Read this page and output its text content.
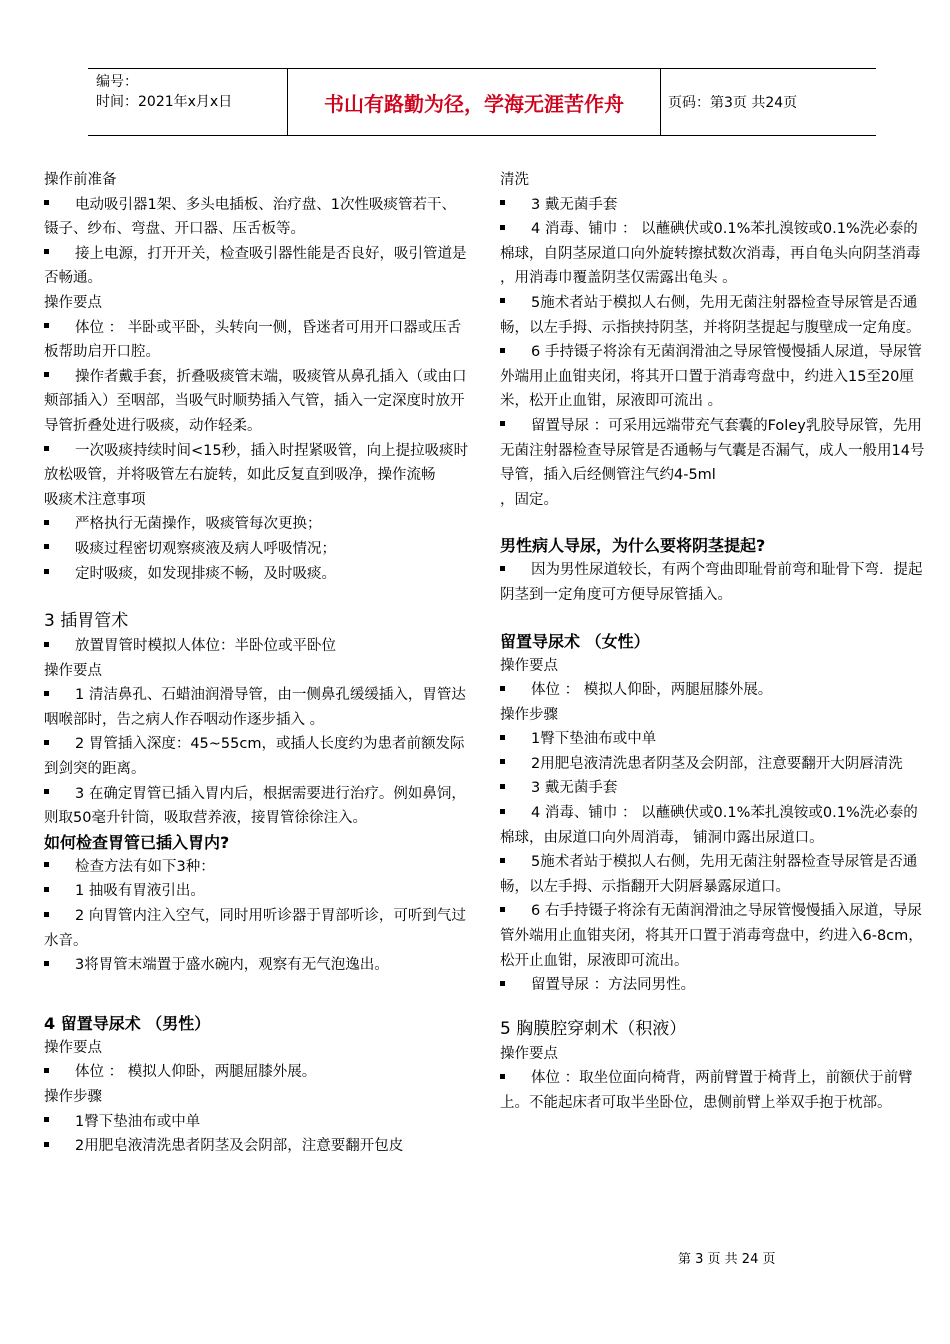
编号：
时间：2021年x月x日	书山有路勤为径，学海无涯苦作舟	页码：第3页 共24页

操作前准备

电动吸引器1架、多头电插板、治疗盘、1次性吸痰管若干、镊子、纱布、弯盘、开口器、压舌板等。

接上电源，打开开关，检查吸引器性能是否良好，吸引管道是否畅通。

操作要点

体位 ： 半卧或平卧，头转向一侧，昏迷者可用开口器或压舌板帮助启开口腔。

操作者戴手套，折叠吸痰管末端，吸痰管从鼻孔插入（或由口颊部插入）至咽部，当吸气时顺势插入气管，插入一定深度时放开导管折叠处进行吸痰，动作轻柔。

一次吸痰持续时间<15秒，插入时捏紧吸管，向上提拉吸痰时放松吸管，并将吸管左右旋转，如此反复直到吸净，操作流畅

吸痰术注意事项

严格执行无菌操作，吸痰管每次更换；

吸痰过程密切观察痰液及病人呼吸情况；

定时吸痰，如发现排痰不畅，及时吸痰。

3 插胃管术

放置胃管时模拟人体位：半卧位或平卧位

操作要点

1 清洁鼻孔、石蜡油润滑导管，由一侧鼻孔缓缓插入，胃管达咽喉部时，告之病人作吞咽动作逐步插入 。

2 胃管插入深度：45~55cm，或插人长度约为患者前额发际到剑突的距离。

3 在确定胃管已插入胃内后，根据需要进行治疗。例如鼻饲，则取50毫升针筒，吸取营养液，接胃管徐徐注入。

如何检查胃管已插入胃内?

检查方法有如下3种：

1 抽吸有胃液引出。

2 向胃管内注入空气，同时用听诊器于胃部听诊，可听到气过水音。

3将胃管末端置于盛水碗内，观察有无气泡逸出。

4 留置导尿术 （男性）

操作要点

体位 ： 模拟人仰卧，两腿屈膝外展。

操作步骤

1臀下垫油布或中单

2用肥皂液清洗患者阴茎及会阴部，注意要翻开包皮

清洗

3 戴无菌手套

4 消毒、铺巾 ： 以蘸碘伏或0.1%苯扎溴铵或0.1%洗必泰的棉球，自阴茎尿道口向外旋转擦拭数次消毒，再自龟头向阴茎消毒 ，用消毒巾覆盖阴茎仅需露出龟头 。

5施术者站于模拟人右侧，先用无菌注射器检查导尿管是否通畅，以左手拇、示指挟持阴茎，并将阴茎提起与腹壁成一定角度。

6 手持镊子将涂有无菌润滑油之导尿管慢慢插人尿道，导尿管外端用止血钳夹闭，将其开口置于消毒弯盘中，约进入15至20厘米，松开止血钳，尿液即可流出 。

留置导尿 ：可采用远端带充气套囊的Foley乳胶导尿管，先用无菌注射器检查导尿管是否通畅与气囊是否漏气，成人一般用14号导管，插入后经侧管注气约4-5ml

，固定。

男性病人导尿，为什么要将阴茎提起?

因为男性尿道较长，有两个弯曲即耻骨前弯和耻骨下弯．提起阴茎到一定角度可方便导尿管插入。

留置导尿术 （女性）

操作要点

体位 ： 模拟人仰卧，两腿屈膝外展。

操作步骤

1臀下垫油布或中单

2用肥皂液清洗患者阴茎及会阴部，注意要翻开大阴唇清洗

3 戴无菌手套

4 消毒、铺巾 ： 以蘸碘伏或0.1%苯扎溴铵或0.1%洗必泰的棉球，由尿道口向外周消毒， 铺洞巾露出尿道口。

5施术者站于模拟人右侧，先用无菌注射器检查导尿管是否通畅，以左手拇、示指翻开大阴唇暴露尿道口。

6 右手持镊子将涂有无菌润滑油之导尿管慢慢插入尿道，导尿管外端用止血钳夹闭，将其开口置于消毒弯盘中，约进入6-8cm，松开止血钳，尿液即可流出。

留置导尿 ：方法同男性。

5 胸膜腔穿刺术（积液）

操作要点

体位 ：取坐位面向椅背，两前臂置于椅背上，前额伏于前臂上。不能起床者可取半坐卧位，患侧前臂上举双手抱于枕部。

第 3 页 共 24 页
